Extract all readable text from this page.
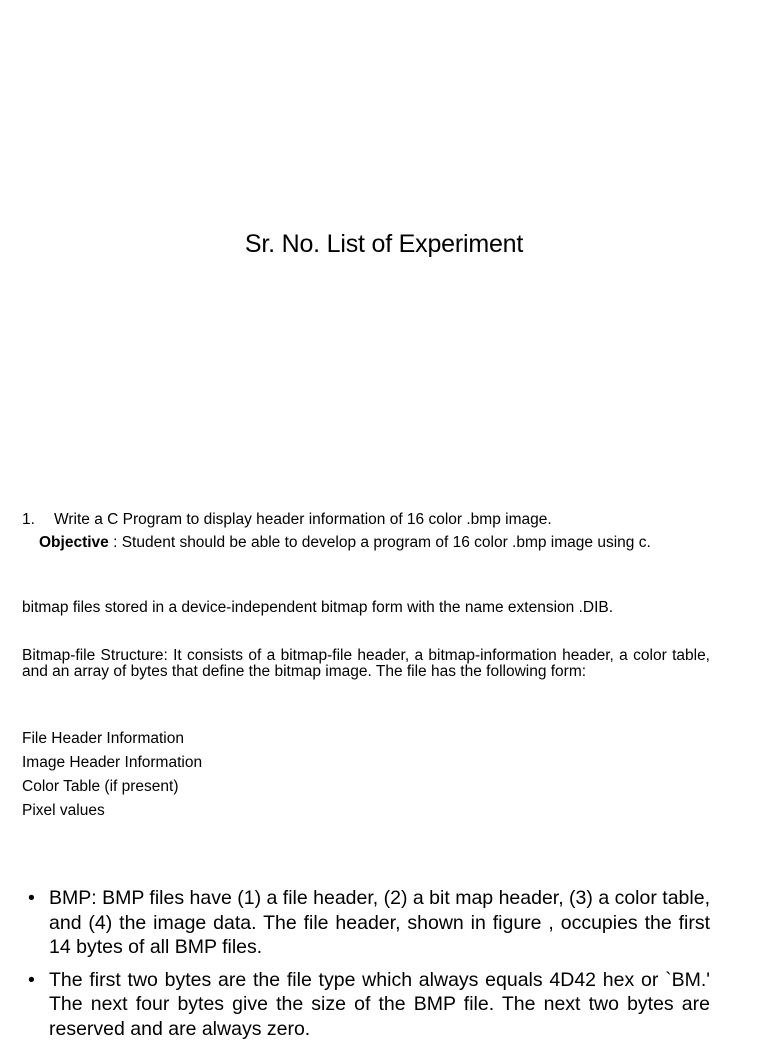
Sr. No. List of Experiment
1. Write a C Program to display header information of 16 color .bmp image.
Objective : Student should be able to develop a program of 16 color .bmp image using c.
bitmap files stored in a device-independent bitmap form with the name extension .DIB.
Bitmap-file Structure: It consists of a bitmap-file header, a bitmap-information header, a color table, and an array of bytes that define the bitmap image. The file has the following form:
File Header Information
Image Header Information
Color Table (if present)
Pixel values
• BMP: BMP files have (1) a file header, (2) a bit map header, (3) a color table, and (4) the image data. The file header, shown in figure , occupies the first 14 bytes of all BMP files.
• The first two bytes are the file type which always equals 4D42 hex or `BM.' The next four bytes give the size of the BMP file. The next two bytes are reserved and are always zero.
